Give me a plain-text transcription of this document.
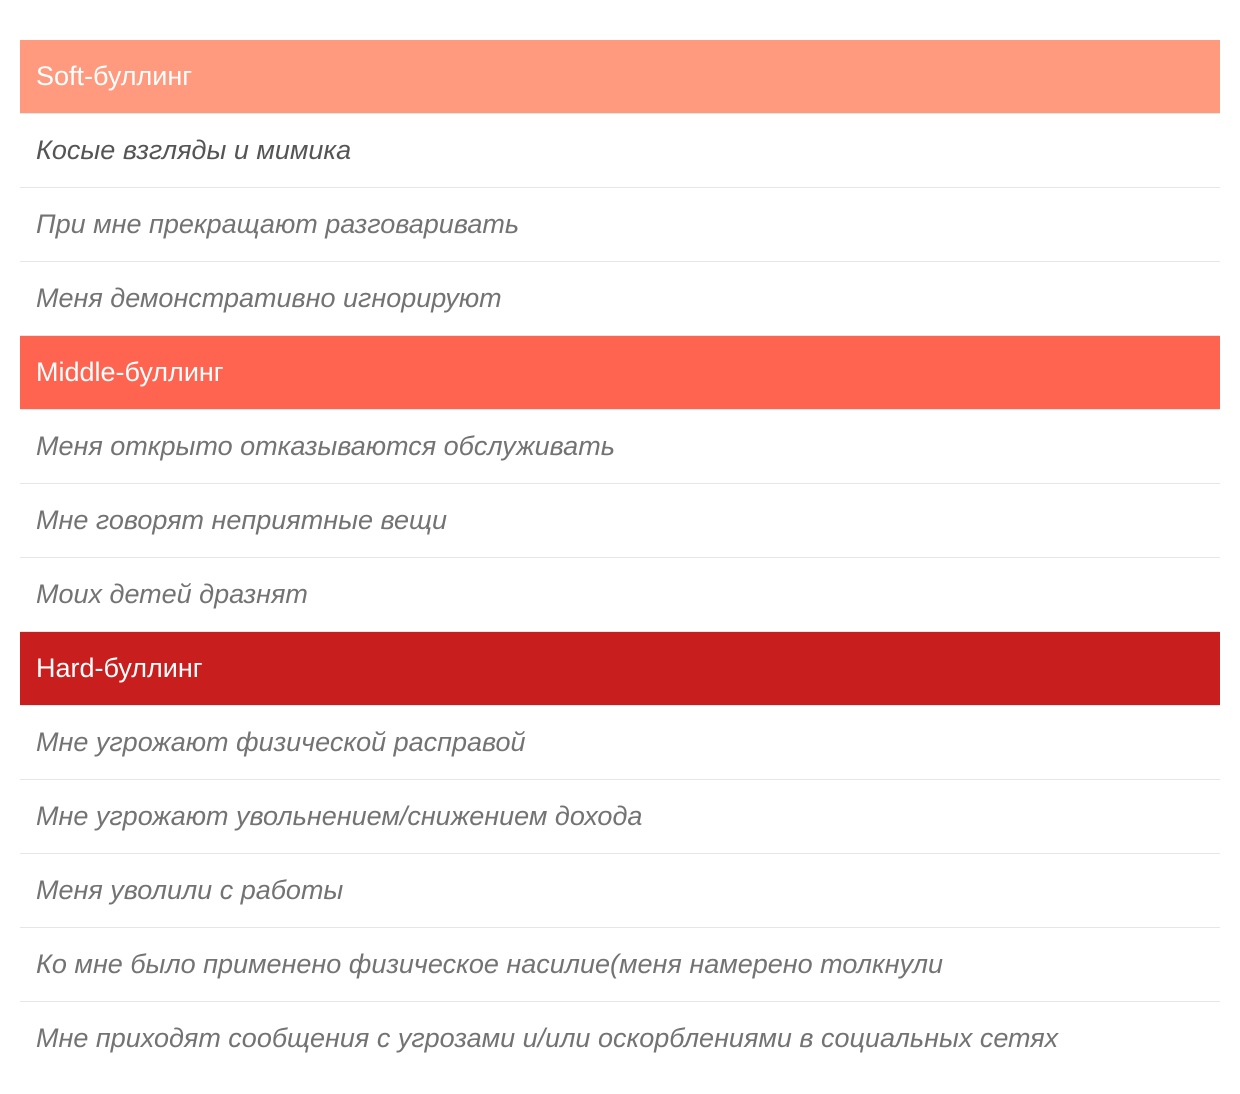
Soft-буллинг
Косые взгляды и мимика
При мне прекращают разговаривать
Меня демонстративно игнорируют
Middle-буллинг
Меня открыто отказываются обслуживать
Мне говорят неприятные вещи
Моих детей дразнят
Hard-буллинг
Мне угрожают физической расправой
Мне угрожают увольнением/снижением дохода
Меня уволили с работы
Ко мне было применено физическое насилие(меня намерено толкнули
Мне приходят сообщения с угрозами и/или оскорблениями в социальных сетях
